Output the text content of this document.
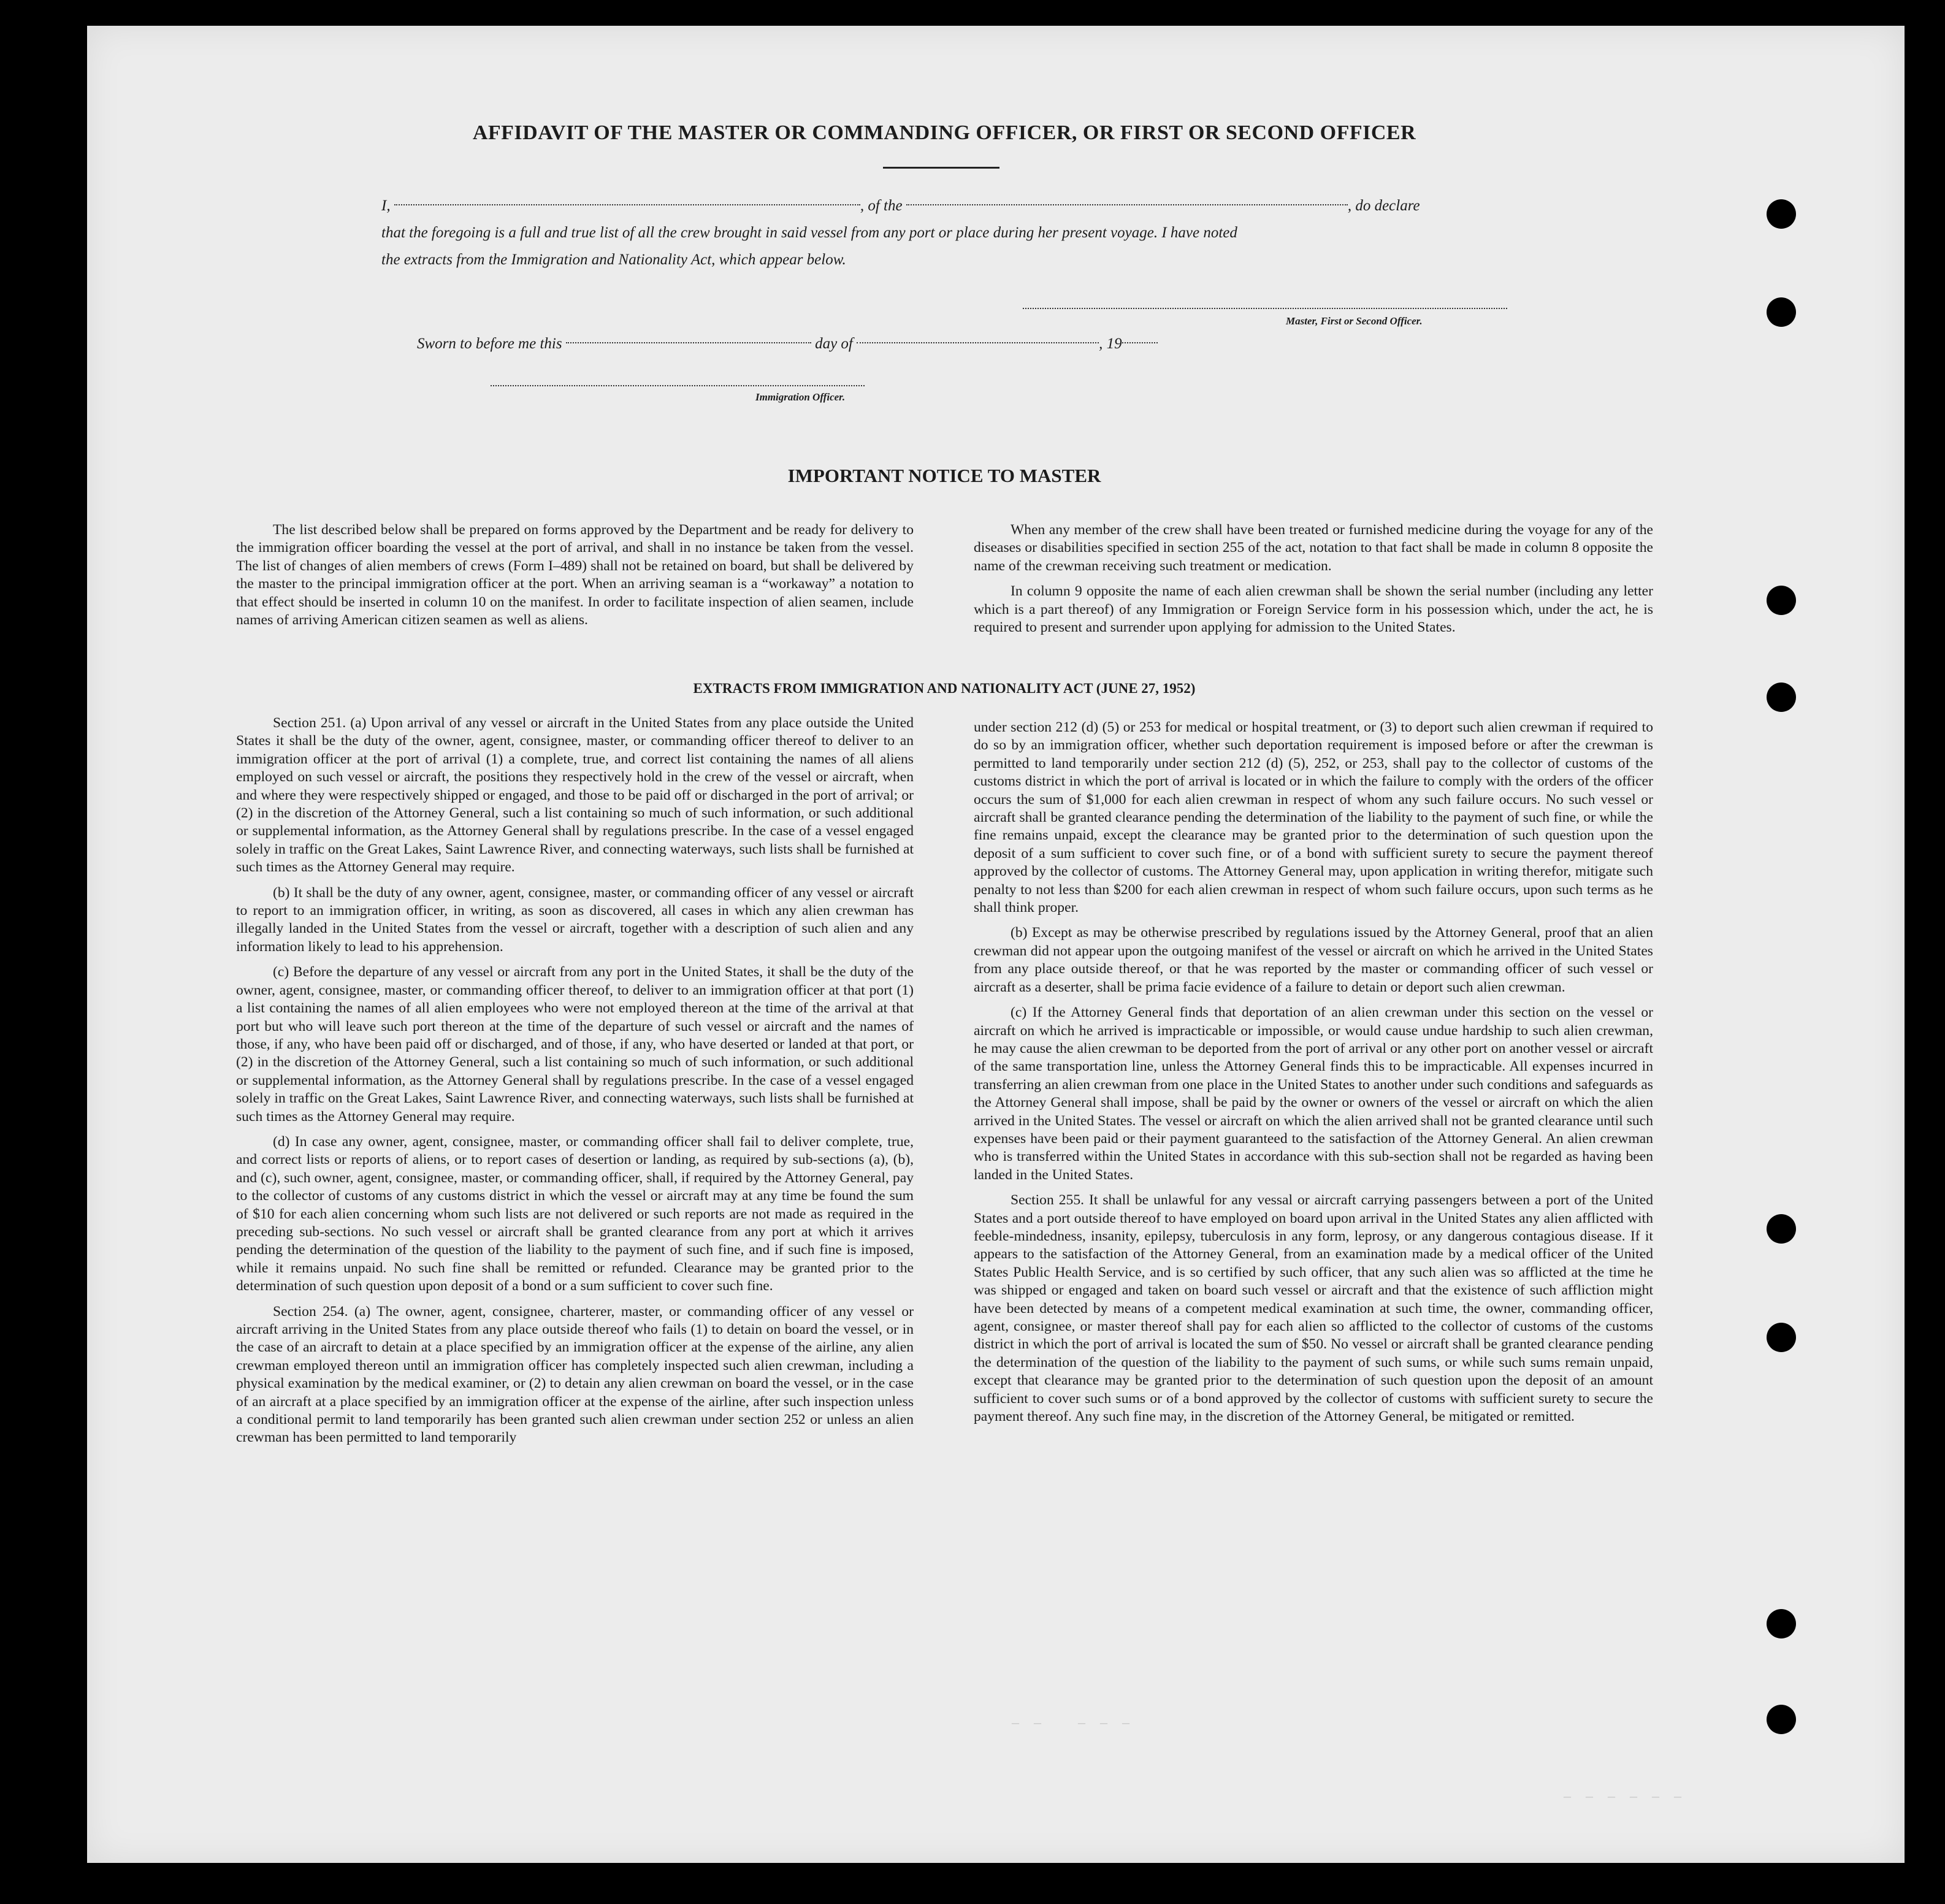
AFFIDAVIT OF THE MASTER OR COMMANDING OFFICER, OR FIRST OR SECOND OFFICER
I,	, of the	, do declare
that the foregoing is a full and true list of all the crew brought in said vessel from any port or place during her present voyage. I have noted
the extracts from the Immigration and Nationality Act, which appear below.
Master, First or Second Officer.
Sworn to before me this	day of	, 19
Immigration Officer.
IMPORTANT NOTICE TO MASTER

The list described below shall be prepared on forms approved by the Department and be ready for delivery to the immigration officer boarding the vessel at the port of arrival, and shall in no instance be taken from the vessel. The list of changes of alien members of crews (Form I–489) shall not be retained on board, but shall be delivered by the master to the principal immigration officer at the port. When an arriving seaman is a “workaway” a notation to that effect should be inserted in column 10 on the manifest. In order to facilitate inspection of alien seamen, include names of arriving American citizen seamen as well as aliens.

When any member of the crew shall have been treated or furnished medicine during the voyage for any of the diseases or disabilities specified in section 255 of the act, notation to that fact shall be made in column 8 opposite the name of the crewman receiving such treatment or medication.

In column 9 opposite the name of each alien crewman shall be shown the serial number (including any letter which is a part thereof) of any Immigration or Foreign Service form in his possession which, under the act, he is required to present and surrender upon applying for admission to the United States.

EXTRACTS FROM IMMIGRATION AND NATIONALITY ACT (JUNE 27, 1952)

Section 251. (a) Upon arrival of any vessel or aircraft in the United States from any place outside the United States it shall be the duty of the owner, agent, consignee, master, or commanding officer thereof to deliver to an immigration officer at the port of arrival (1) a complete, true, and correct list containing the names of all aliens employed on such vessel or aircraft, the positions they respectively hold in the crew of the vessel or aircraft, when and where they were respectively shipped or engaged, and those to be paid off or discharged in the port of arrival; or (2) in the discretion of the Attorney General, such a list containing so much of such information, or such additional or supplemental information, as the Attorney General shall by regulations prescribe. In the case of a vessel engaged solely in traffic on the Great Lakes, Saint Lawrence River, and connecting waterways, such lists shall be furnished at such times as the Attorney General may require.

(b) It shall be the duty of any owner, agent, consignee, master, or commanding officer of any vessel or aircraft to report to an immigration officer, in writing, as soon as discovered, all cases in which any alien crewman has illegally landed in the United States from the vessel or aircraft, together with a description of such alien and any information likely to lead to his apprehension.

(c) Before the departure of any vessel or aircraft from any port in the United States, it shall be the duty of the owner, agent, consignee, master, or commanding officer thereof, to deliver to an immigration officer at that port (1) a list containing the names of all alien employees who were not employed thereon at the time of the arrival at that port but who will leave such port thereon at the time of the departure of such vessel or aircraft and the names of those, if any, who have been paid off or discharged, and of those, if any, who have deserted or landed at that port, or (2) in the discretion of the Attorney General, such a list containing so much of such information, or such additional or supplemental information, as the Attorney General shall by regulations prescribe. In the case of a vessel engaged solely in traffic on the Great Lakes, Saint Lawrence River, and connecting waterways, such lists shall be furnished at such times as the Attorney General may require.

(d) In case any owner, agent, consignee, master, or commanding officer shall fail to deliver complete, true, and correct lists or reports of aliens, or to report cases of desertion or landing, as required by sub-sections (a), (b), and (c), such owner, agent, consignee, master, or commanding officer, shall, if required by the Attorney General, pay to the collector of customs of any customs district in which the vessel or aircraft may at any time be found the sum of $10 for each alien concerning whom such lists are not delivered or such reports are not made as required in the preceding sub-sections. No such vessel or aircraft shall be granted clearance from any port at which it arrives pending the determination of the question of the liability to the payment of such fine, and if such fine is imposed, while it remains unpaid. No such fine shall be remitted or refunded. Clearance may be granted prior to the determination of such question upon deposit of a bond or a sum sufficient to cover such fine.

Section 254. (a) The owner, agent, consignee, charterer, master, or commanding officer of any vessel or aircraft arriving in the United States from any place outside thereof who fails (1) to detain on board the vessel, or in the case of an aircraft to detain at a place specified by an immigration officer at the expense of the airline, any alien crewman employed thereon until an immigration officer has completely inspected such alien crewman, including a physical examination by the medical examiner, or (2) to detain any alien crewman on board the vessel, or in the case of an aircraft at a place specified by an immigration officer at the expense of the airline, after such inspection unless a conditional permit to land temporarily has been granted such alien crewman under section 252 or unless an alien crewman has been permitted to land temporarily

under section 212 (d) (5) or 253 for medical or hospital treatment, or (3) to deport such alien crewman if required to do so by an immigration officer, whether such deportation requirement is imposed before or after the crewman is permitted to land temporarily under section 212 (d) (5), 252, or 253, shall pay to the collector of customs of the customs district in which the port of arrival is located or in which the failure to comply with the orders of the officer occurs the sum of $1,000 for each alien crewman in respect of whom any such failure occurs. No such vessel or aircraft shall be granted clearance pending the determination of the liability to the payment of such fine, or while the fine remains unpaid, except the clearance may be granted prior to the determination of such question upon the deposit of a sum sufficient to cover such fine, or of a bond with sufficient surety to secure the payment thereof approved by the collector of customs. The Attorney General may, upon application in writing therefor, mitigate such penalty to not less than $200 for each alien crewman in respect of whom such failure occurs, upon such terms as he shall think proper.

(b) Except as may be otherwise prescribed by regulations issued by the Attorney General, proof that an alien crewman did not appear upon the outgoing manifest of the vessel or aircraft on which he arrived in the United States from any place outside thereof, or that he was reported by the master or commanding officer of such vessel or aircraft as a deserter, shall be prima facie evidence of a failure to detain or deport such alien crewman.

(c) If the Attorney General finds that deportation of an alien crewman under this section on the vessel or aircraft on which he arrived is impracticable or impossible, or would cause undue hardship to such alien crewman, he may cause the alien crewman to be deported from the port of arrival or any other port on another vessel or aircraft of the same transportation line, unless the Attorney General finds this to be impracticable. All expenses incurred in transferring an alien crewman from one place in the United States to another under such conditions and safeguards as the Attorney General shall impose, shall be paid by the owner or owners of the vessel or aircraft on which the alien arrived in the United States. The vessel or aircraft on which the alien arrived shall not be granted clearance until such expenses have been paid or their payment guaranteed to the satisfaction of the Attorney General. An alien crewman who is transferred within the United States in accordance with this sub-section shall not be regarded as having been landed in the United States.

Section 255. It shall be unlawful for any vessal or aircraft carrying passengers between a port of the United States and a port outside thereof to have employed on board upon arrival in the United States any alien afflicted with feeble-mindedness, insanity, epilepsy, tuberculosis in any form, leprosy, or any dangerous contagious disease. If it appears to the satisfaction of the Attorney General, from an examination made by a medical officer of the United States Public Health Service, and is so certified by such officer, that any such alien was so afflicted at the time he was shipped or engaged and taken on board such vessel or aircraft and that the existence of such affliction might have been detected by means of a competent medical examination at such time, the owner, commanding officer, agent, consignee, or master thereof shall pay for each alien so afflicted to the collector of customs of the customs district in which the port of arrival is located the sum of $50. No vessel or aircraft shall be granted clearance pending the determination of the question of the liability to the payment of such sums, or while such sums remain unpaid, except that clearance may be granted prior to the determination of such question upon the deposit of an amount sufficient to cover such sums or of a bond approved by the collector of customs with sufficient surety to secure the payment thereof. Any such fine may, in the discretion of the Attorney General, be mitigated or remitted.

— —   — — —
— — — — — —
